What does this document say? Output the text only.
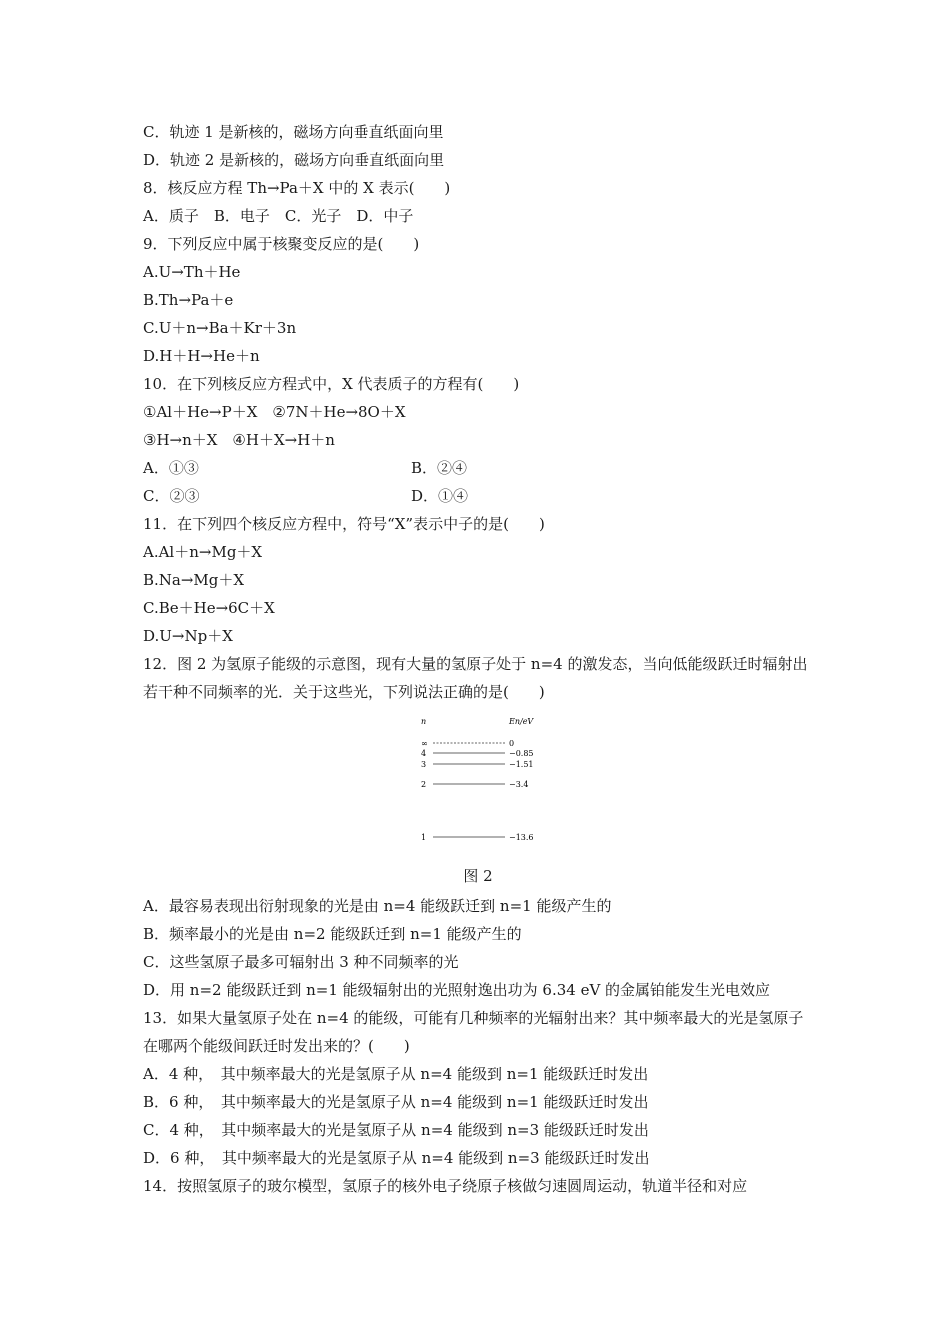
C．轨迹 1 是新核的，磁场方向垂直纸面向里
D．轨迹 2 是新核的，磁场方向垂直纸面向里
8．核反应方程 Th→Pa＋X 中的 X 表示(　　)
A．质子　B．电子　C．光子　D．中子
9．下列反应中属于核聚变反应的是(　　)
A.U→Th＋He
B.Th→Pa＋e
C.U＋n→Ba＋Kr＋3n
D.H＋H→He＋n
10．在下列核反应方程式中，X 代表质子的方程有(　　)
①Al＋He→P＋X　②7N＋He→8O＋X
③H→n＋X　④H＋X→H＋n
A．①③	B．②④
C．②③	D．①④
11．在下列四个核反应方程中，符号“X”表示中子的是(　　)
A.Al＋n→Mg＋X
B.Na→Mg＋X
C.Be＋He→6C＋X
D.U→Np＋X
12．图 2 为氢原子能级的示意图，现有大量的氢原子处于 n=4 的激发态，当向低能级跃迁时辐射出若干种不同频率的光．关于这些光，下列说法正确的是(　　)
n	En/eV
∞	0
4	−0.85
3	−1.51
2	−3.4
1	−13.6
图 2
A．最容易表现出衍射现象的光是由 n=4 能级跃迁到 n=1 能级产生的
B．频率最小的光是由 n=2 能级跃迁到 n=1 能级产生的
C．这些氢原子最多可辐射出 3 种不同频率的光
D．用 n=2 能级跃迁到 n=1 能级辐射出的光照射逸出功为 6.34 eV 的金属铂能发生光电效应
13．如果大量氢原子处在 n=4 的能级，可能有几种频率的光辐射出来？其中频率最大的光是氢原子在哪两个能级间跃迁时发出来的？(　　)
A．4 种，　其中频率最大的光是氢原子从 n=4 能级到 n=1 能级跃迁时发出
B．6 种，　其中频率最大的光是氢原子从 n=4 能级到 n=1 能级跃迁时发出
C．4 种，　其中频率最大的光是氢原子从 n=4 能级到 n=3 能级跃迁时发出
D．6 种，　其中频率最大的光是氢原子从 n=4 能级到 n=3 能级跃迁时发出
14．按照氢原子的玻尔模型，氢原子的核外电子绕原子核做匀速圆周运动，轨道半径和对应
